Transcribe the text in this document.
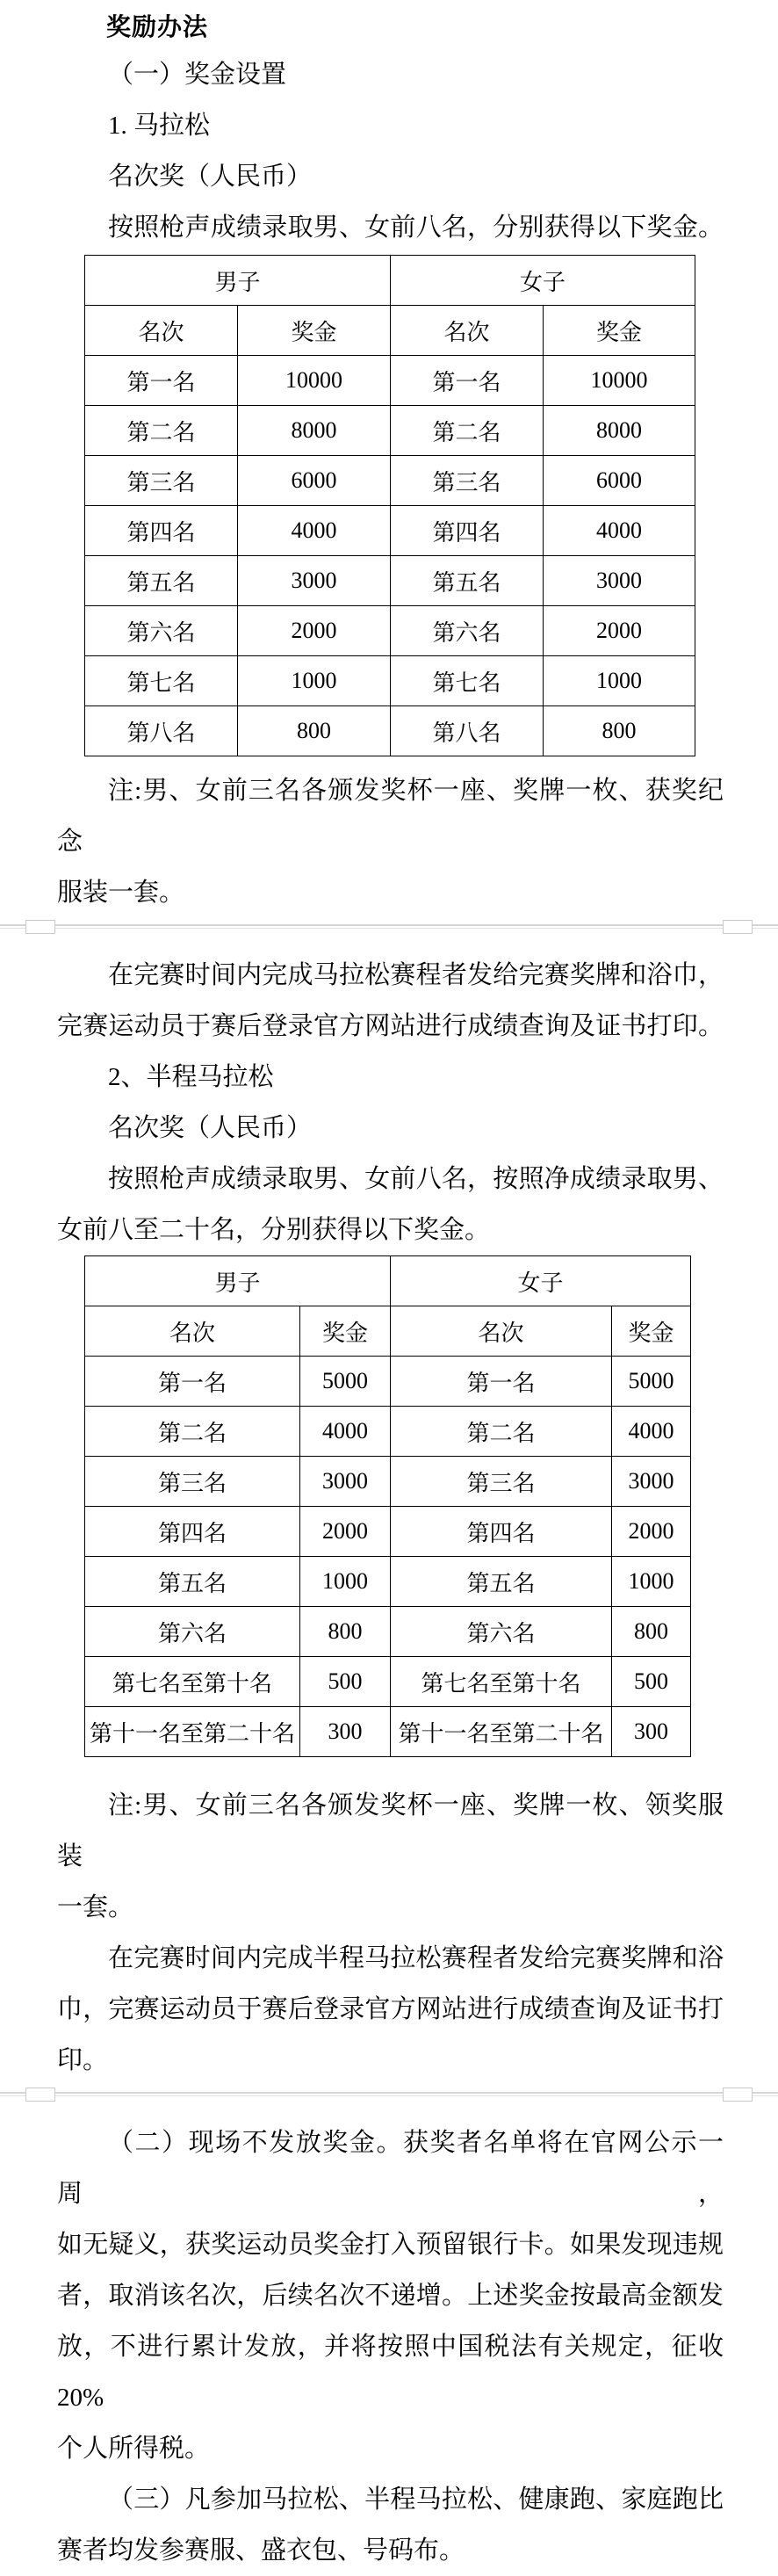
奖励办法
（一）奖金设置
1. 马拉松
名次奖（人民币）
按照枪声成绩录取男、女前八名，分别获得以下奖金。
男子		女子	
名次	奖金	名次	奖金
第一名	10000	第一名	10000
第二名	8000	第二名	8000
第三名	6000	第三名	6000
第四名	4000	第四名	4000
第五名	3000	第五名	3000
第六名	2000	第六名	2000
第七名	1000	第七名	1000
第八名	800	第八名	800
注:男、女前三名各颁发奖杯一座、奖牌一枚、获奖纪念
服装一套。
在完赛时间内完成马拉松赛程者发给完赛奖牌和浴巾，
完赛运动员于赛后登录官方网站进行成绩查询及证书打印。
2、半程马拉松
名次奖（人民币）
按照枪声成绩录取男、女前八名，按照净成绩录取男、
女前八至二十名，分别获得以下奖金。
男子		女子	
名次	奖金	名次	奖金
第一名	5000	第一名	5000
第二名	4000	第二名	4000
第三名	3000	第三名	3000
第四名	2000	第四名	2000
第五名	1000	第五名	1000
第六名	800	第六名	800
第七名至第十名	500	第七名至第十名	500
第十一名至第二十名	300	第十一名至第二十名	300
注:男、女前三名各颁发奖杯一座、奖牌一枚、领奖服装
一套。
在完赛时间内完成半程马拉松赛程者发给完赛奖牌和浴
巾，完赛运动员于赛后登录官方网站进行成绩查询及证书打
印。
（二）现场不发放奖金。获奖者名单将在官网公示一周，
如无疑义，获奖运动员奖金打入预留银行卡。如果发现违规
者，取消该名次，后续名次不递增。上述奖金按最高金额发
放，不进行累计发放，并将按照中国税法有关规定，征收 20%
个人所得税。
（三）凡参加马拉松、半程马拉松、健康跑、家庭跑比
赛者均发参赛服、盛衣包、号码布。
